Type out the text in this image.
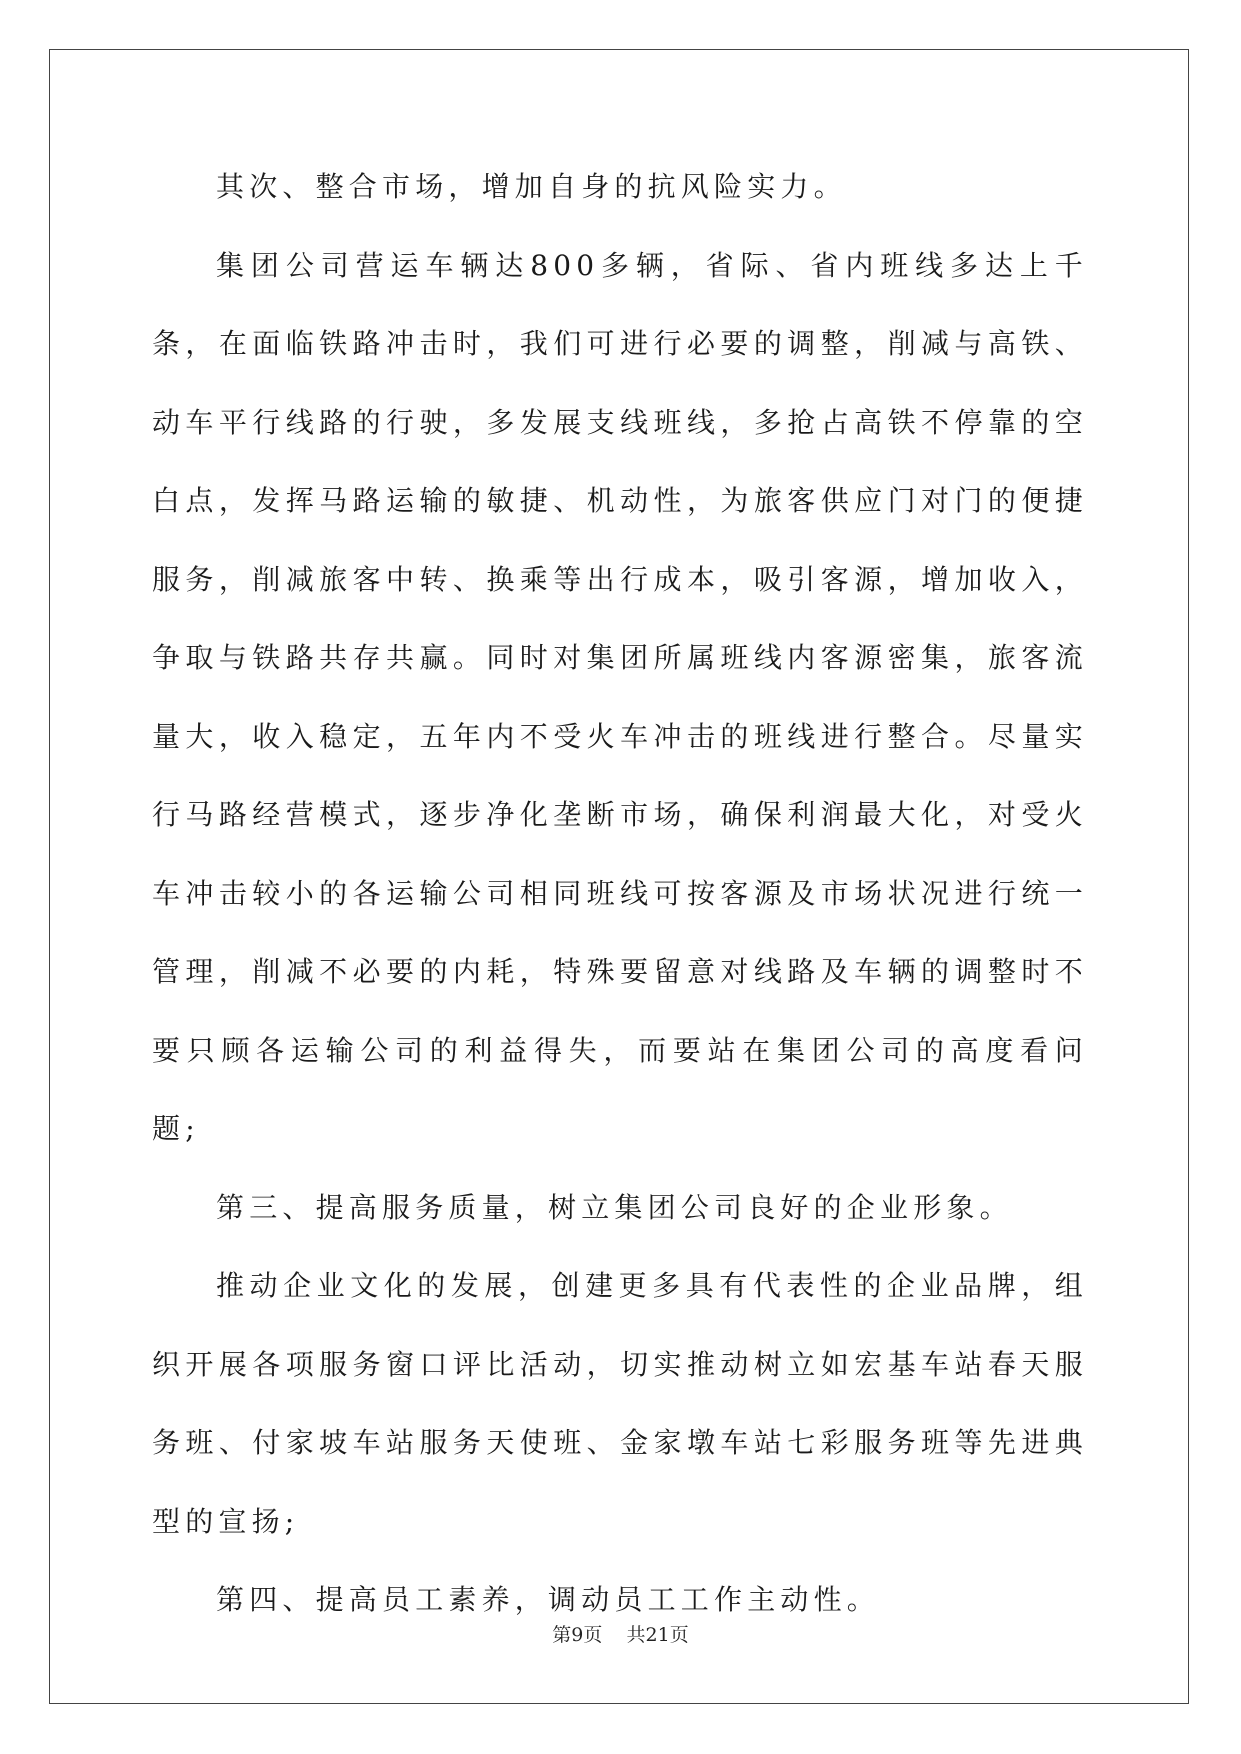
其次、整合市场，增加自身的抗风险实力。

集团公司营运车辆达800多辆，省际、省内班线多达上千条，在面临铁路冲击时，我们可进行必要的调整，削减与高铁、动车平行线路的行驶，多发展支线班线，多抢占高铁不停靠的空白点，发挥马路运输的敏捷、机动性，为旅客供应门对门的便捷服务，削减旅客中转、换乘等出行成本，吸引客源，增加收入，争取与铁路共存共赢。同时对集团所属班线内客源密集，旅客流量大，收入稳定，五年内不受火车冲击的班线进行整合。尽量实行马路经营模式，逐步净化垄断市场，确保利润最大化，对受火车冲击较小的各运输公司相同班线可按客源及市场状况进行统一管理，削减不必要的内耗，特殊要留意对线路及车辆的调整时不要只顾各运输公司的利益得失，而要站在集团公司的高度看问题;

第三、提高服务质量，树立集团公司良好的企业形象。

推动企业文化的发展，创建更多具有代表性的企业品牌，组织开展各项服务窗口评比活动，切实推动树立如宏基车站春天服务班、付家坡车站服务天使班、金家墩车站七彩服务班等先进典型的宣扬;

第四、提高员工素养，调动员工工作主动性。

第9页    共21页
